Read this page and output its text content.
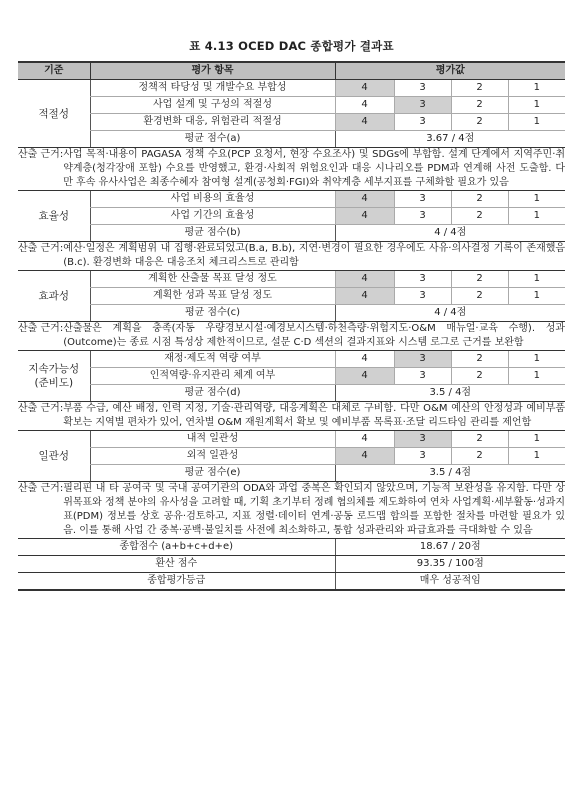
표 4.13 OCED DAC 종합평가 결과표
기준	평가 항목	평가값			
적절성	정책적 타당성 및 개발수요 부합성	4	3	2	1
	사업 설계 및 구성의 적절성	4	3	2	1
	환경변화 대응, 위험관리 적절성	4	3	2	1
	평균 점수(a)	3.67 / 4점			

산출 근거: 사업 목적·내용이 PAGASA 정책 수요(PCP 요청서, 현장 수요조사) 및 SDGs에 부합함. 설계 단계에서 지역주민·취약계층(청각장애 포함) 수요를 반영했고, 환경·사회적 위험요인과 대응 시나리오를 PDM과 연계해 사전 도출함. 다만 후속 유사사업은 최종수혜자 참여형 설계(공청회·FGI)와 취약계층 세부지표를 구체화할 필요가 있음					

효율성	사업 비용의 효율성	4	3	2	1
	사업 기간의 효율성	4	3	2	1
	평균 점수(b)	4 / 4점			

산출 근거: 예산·일정은 계획범위 내 집행·완료되었고(B.a, B.b), 지연·변경이 필요한 경우에도 사유·의사결정 기록이 존재했음(B.c). 환경변화 대응은 대응조치 체크리스트로 관리함					

효과성	계획한 산출물 목표 달성 정도	4	3	2	1
	계획한 성과 목표 달성 정도	4	3	2	1
	평균 점수(c)	4 / 4점			

산출 근거: 산출물은 계획을 충족(자동 우량경보시설·예경보시스템·하천측량·위험지도·O&M 매뉴얼·교육 수행). 성과(Outcome)는 종료 시점 특성상 제한적이므로, 설문 C·D 섹션의 결과지표와 시스템 로그로 근거를 보완함					

지속가능성
(준비도)	재정·제도적 역량 여부	4	3	2	1
	인적역량·유지관리 체계 여부	4	3	2	1
	평균 점수(d)	3.5 / 4점			

산출 근거: 부품 수급, 예산 배정, 인력 지정, 기술·관리역량, 대응계획은 대체로 구비함. 다만 O&M 예산의 안정성과 예비부품 확보는 지역별 편차가 있어, 연차별 O&M 재원계획서 확보 및 예비부품 목록표·조달 리드타임 관리를 제언함					

일관성	내적 일관성	4	3	2	1
	외적 일관성	4	3	2	1
	평균 점수(e)	3.5 / 4점			

산출 근거: 필리핀 내 타 공여국 및 국내 공여기관의 ODA와 과업 중복은 확인되지 않았으며, 기능적 보완성을 유지함. 다만 상위목표와 정책 분야의 유사성을 고려할 때, 기획 초기부터 정례 협의체를 제도화하여 연차 사업계획·세부활동·성과지표(PDM) 정보를 상호 공유·검토하고, 지표 정렬·데이터 연계·공동 로드맵 합의를 포함한 절차를 마련할 필요가 있음. 이를 통해 사업 간 중복·공백·불일치를 사전에 최소화하고, 통합 성과관리와 파급효과를 극대화할 수 있음					

종합점수 (a+b+c+d+e)		18.67 / 20점			
환산 점수		93.35 / 100점			
종합평가등급		매우 성공적임			
